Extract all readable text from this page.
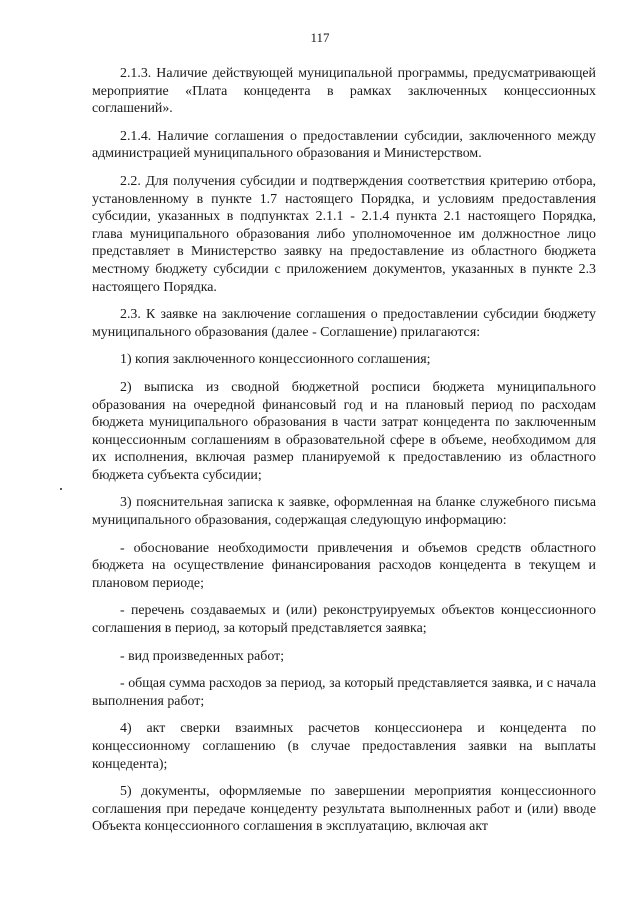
117

2.1.3. Наличие действующей муниципальной программы, предусматривающей мероприятие «Плата концедента в рамках заключенных концессионных соглашений».

2.1.4. Наличие соглашения о предоставлении субсидии, заключенного между администрацией муниципального образования и Министерством.

2.2. Для получения субсидии и подтверждения соответствия критерию отбора, установленному в пункте 1.7 настоящего Порядка, и условиям предоставления субсидии, указанных в подпунктах 2.1.1 - 2.1.4 пункта 2.1 настоящего Порядка, глава муниципального образования либо уполномоченное им должностное лицо представляет в Министерство заявку на предоставление из областного бюджета местному бюджету субсидии с приложением документов, указанных в пункте 2.3 настоящего Порядка.

2.3. К заявке на заключение соглашения о предоставлении субсидии бюджету муниципального образования (далее - Соглашение) прилагаются:

1) копия заключенного концессионного соглашения;

2) выписка из сводной бюджетной росписи бюджета муниципального образования на очередной финансовый год и на плановый период по расходам бюджета муниципального образования в части затрат концедента по заключенным концессионным соглашениям в образовательной сфере в объеме, необходимом для их исполнения, включая размер планируемой к предоставлению из областного бюджета субъекта субсидии;

3) пояснительная записка к заявке, оформленная на бланке служебного письма муниципального образования, содержащая следующую информацию:

- обоснование необходимости привлечения и объемов средств областного бюджета на осуществление финансирования расходов концедента в текущем и плановом периоде;

- перечень создаваемых и (или) реконструируемых объектов концессионного соглашения в период, за который представляется заявка;

- вид произведенных работ;

- общая сумма расходов за период, за который представляется заявка, и с начала выполнения работ;

4) акт сверки взаимных расчетов концессионера и концедента по концессионному соглашению (в случае предоставления заявки на выплаты концедента);

5) документы, оформляемые по завершении мероприятия концессионного соглашения при передаче концеденту результата выполненных работ и (или) вводе Объекта концессионного соглашения в эксплуатацию, включая акт
